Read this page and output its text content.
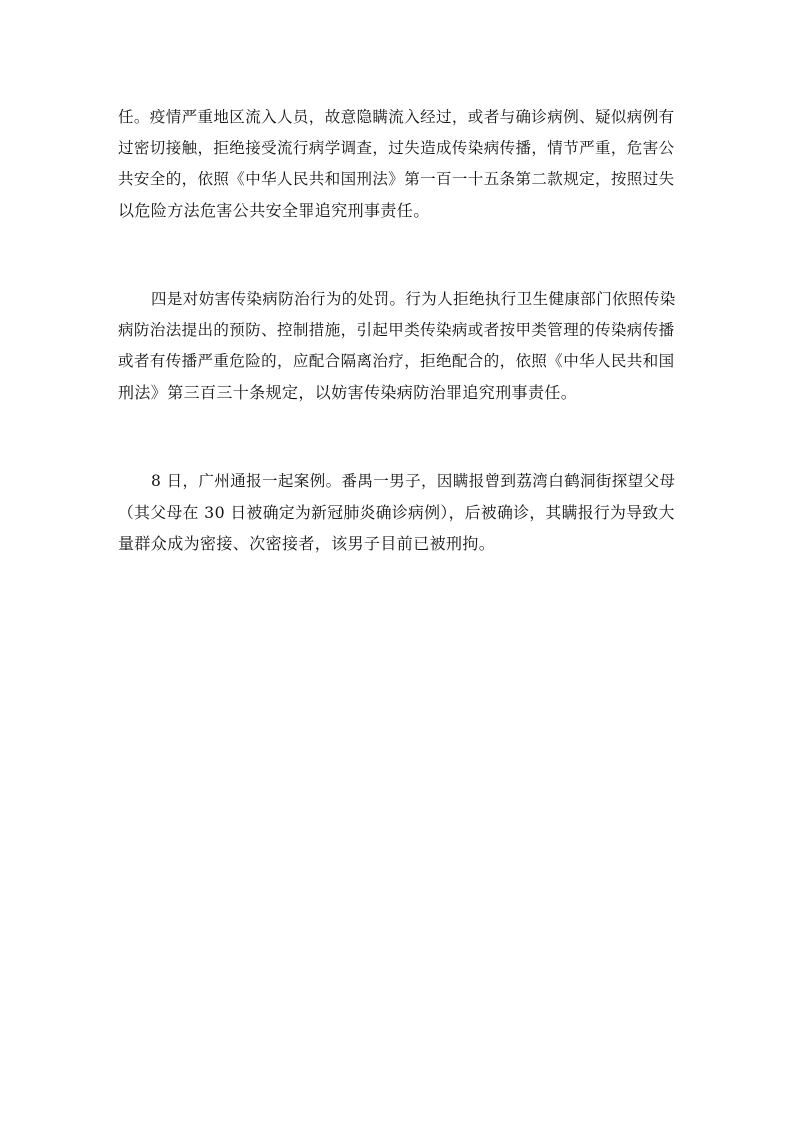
任。疫情严重地区流入人员，故意隐瞒流入经过，或者与确诊病例、疑似病例有
过密切接触，拒绝接受流行病学调查，过失造成传染病传播，情节严重，危害公
共安全的，依照《中华人民共和国刑法》第一百一十五条第二款规定，按照过失
以危险方法危害公共安全罪追究刑事责任。
四是对妨害传染病防治行为的处罚。行为人拒绝执行卫生健康部门依照传染
病防治法提出的预防、控制措施，引起甲类传染病或者按甲类管理的传染病传播
或者有传播严重危险的，应配合隔离治疗，拒绝配合的，依照《中华人民共和国
刑法》第三百三十条规定，以妨害传染病防治罪追究刑事责任。
8 日，广州通报一起案例。番禺一男子，因瞒报曾到荔湾白鹤洞街探望父母
（其父母在 30 日被确定为新冠肺炎确诊病例），后被确诊，其瞒报行为导致大
量群众成为密接、次密接者，该男子目前已被刑拘。
